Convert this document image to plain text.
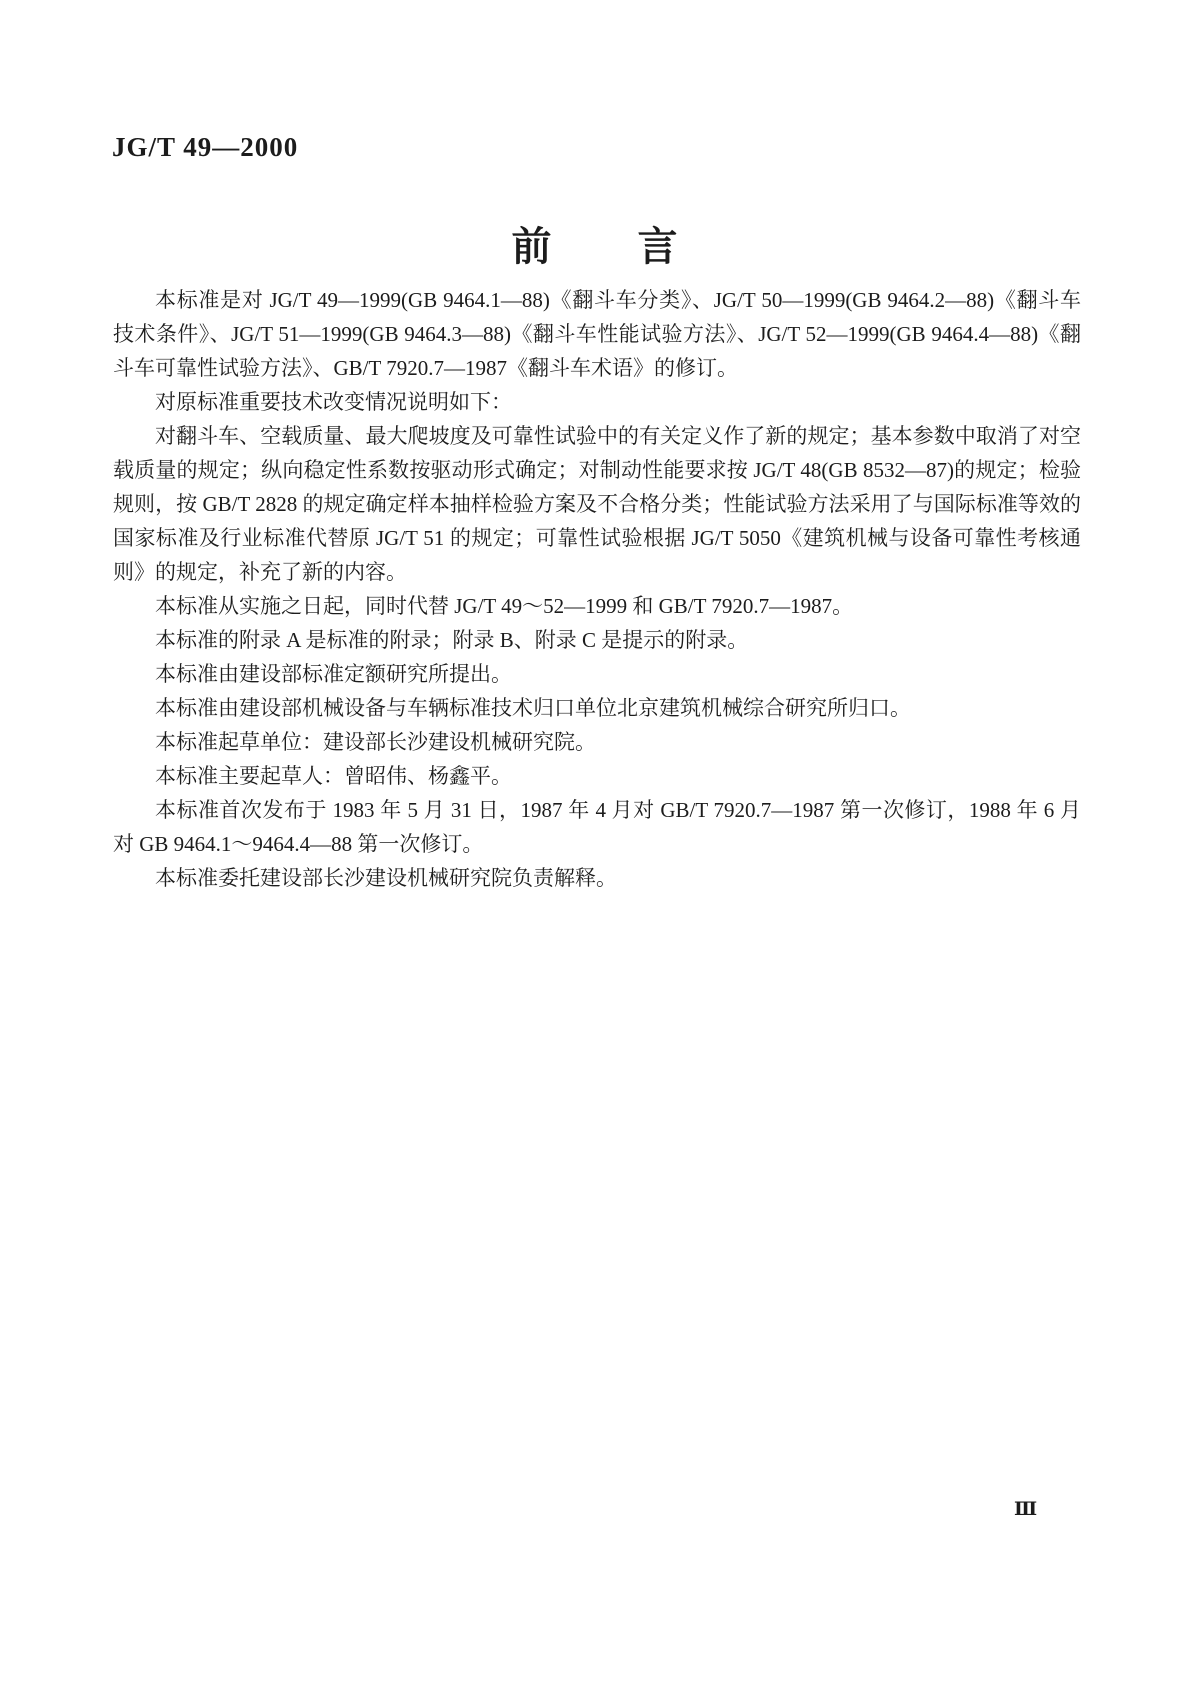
JG/T 49—2000
前　　言

本标准是对 JG/T 49—1999(GB 9464.1—88)《翻斗车分类》、JG/T 50—1999(GB 9464.2—88)《翻斗车技术条件》、JG/T 51—1999(GB 9464.3—88)《翻斗车性能试验方法》、JG/T 52—1999(GB 9464.4—88)《翻斗车可靠性试验方法》、GB/T 7920.7—1987《翻斗车术语》的修订。

对原标准重要技术改变情况说明如下：

对翻斗车、空载质量、最大爬坡度及可靠性试验中的有关定义作了新的规定；基本参数中取消了对空载质量的规定；纵向稳定性系数按驱动形式确定；对制动性能要求按 JG/T 48(GB 8532—87)的规定；检验规则，按 GB/T 2828 的规定确定样本抽样检验方案及不合格分类；性能试验方法采用了与国际标准等效的国家标准及行业标准代替原 JG/T 51 的规定；可靠性试验根据 JG/T 5050《建筑机械与设备可靠性考核通则》的规定，补充了新的内容。

本标准从实施之日起，同时代替 JG/T 49～52—1999 和 GB/T 7920.7—1987。

本标准的附录 A 是标准的附录；附录 B、附录 C 是提示的附录。

本标准由建设部标准定额研究所提出。

本标准由建设部机械设备与车辆标准技术归口单位北京建筑机械综合研究所归口。

本标准起草单位：建设部长沙建设机械研究院。

本标准主要起草人：曾昭伟、杨鑫平。

本标准首次发布于 1983 年 5 月 31 日，1987 年 4 月对 GB/T 7920.7—1987 第一次修订，1988 年 6 月对 GB 9464.1～9464.4—88 第一次修订。

本标准委托建设部长沙建设机械研究院负责解释。

Ⅲ
